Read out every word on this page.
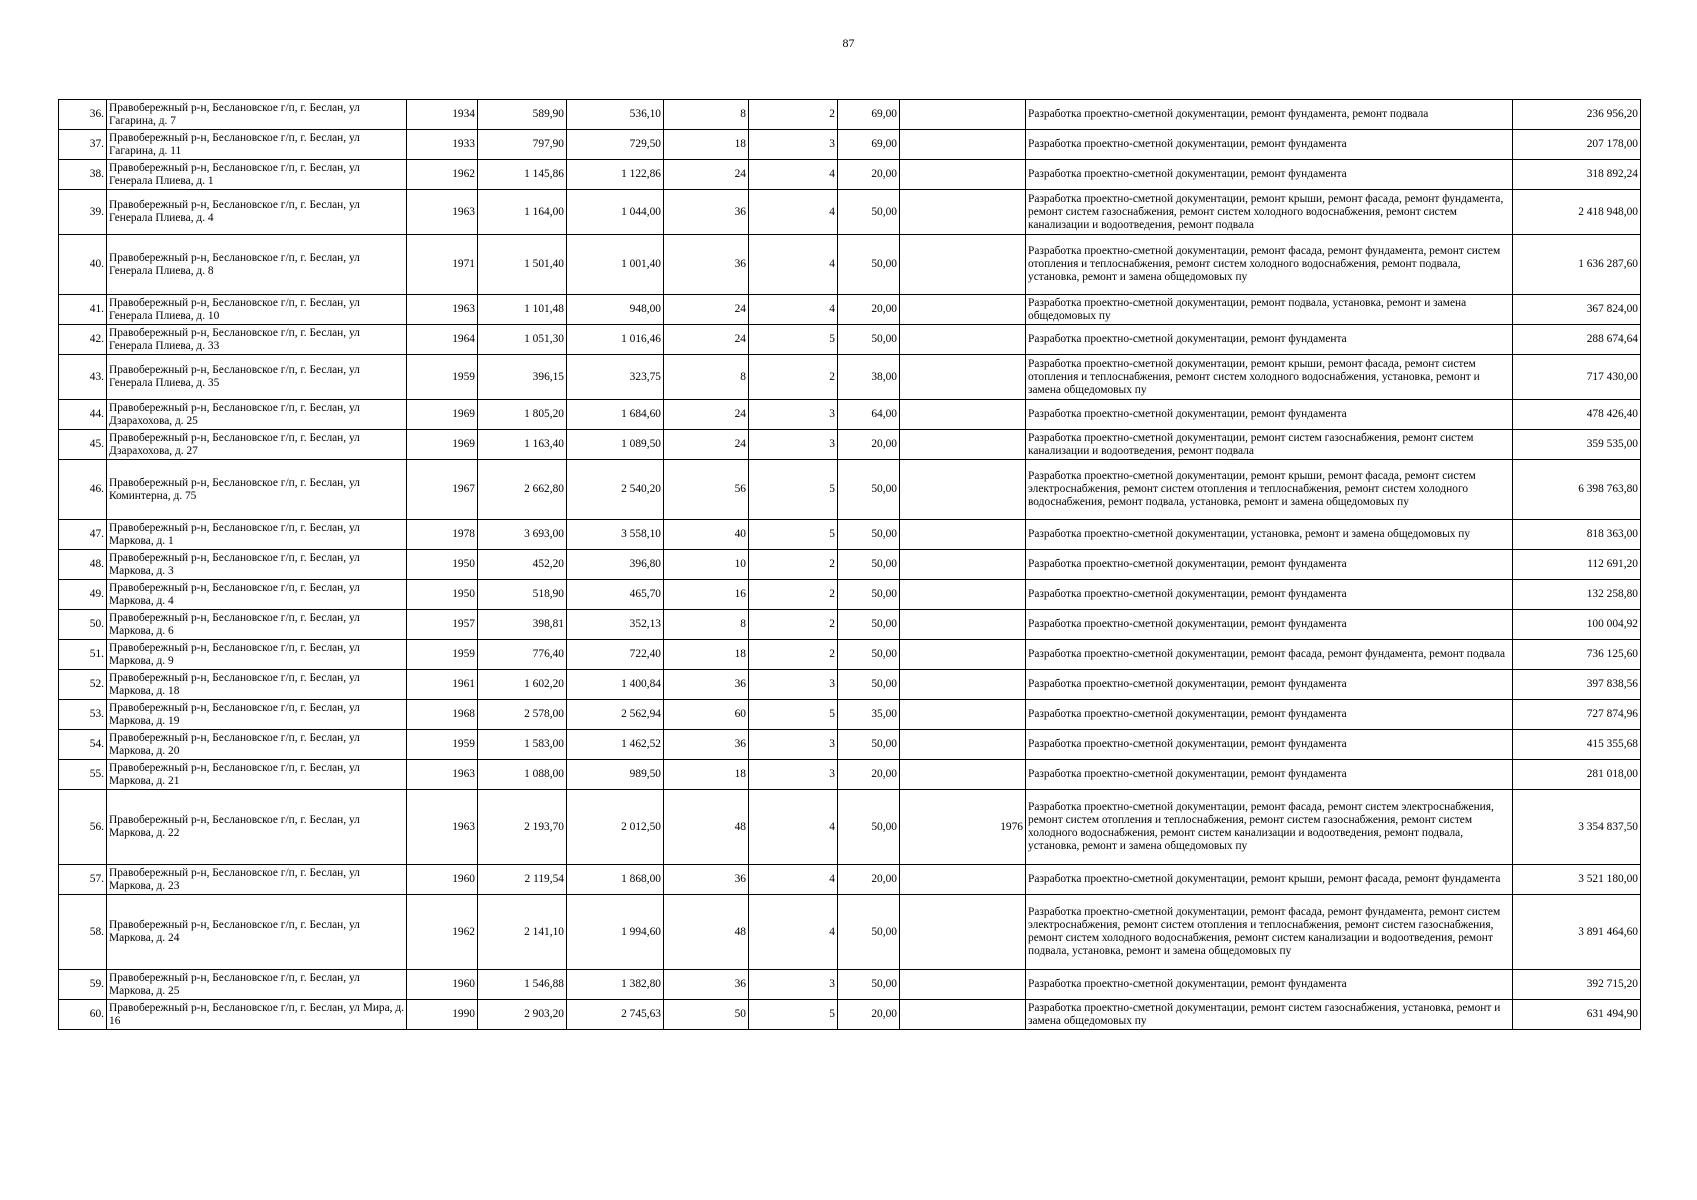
87
36.	Правобережный р-н, Беслановское г/п, г. Беслан, ул Гагарина, д. 7	1934	589,90	536,10	8	2	69,00		Разработка проектно-сметной документации, ремонт фундамента, ремонт подвала	236 956,20
37.	Правобережный р-н, Беслановское г/п, г. Беслан, ул Гагарина, д. 11	1933	797,90	729,50	18	3	69,00		Разработка проектно-сметной документации, ремонт фундамента	207 178,00
38.	Правобережный р-н, Беслановское г/п, г. Беслан, ул Генерала Плиева, д. 1	1962	1 145,86	1 122,86	24	4	20,00		Разработка проектно-сметной документации, ремонт фундамента	318 892,24
39.	Правобережный р-н, Беслановское г/п, г. Беслан, ул Генерала Плиева, д. 4	1963	1 164,00	1 044,00	36	4	50,00		Разработка проектно-сметной документации, ремонт крыши, ремонт фасада, ремонт фундамента, ремонт систем газоснабжения, ремонт систем холодного водоснабжения, ремонт систем канализации и водоотведения, ремонт подвала	2 418 948,00
40.	Правобережный р-н, Беслановское г/п, г. Беслан, ул Генерала Плиева, д. 8	1971	1 501,40	1 001,40	36	4	50,00		Разработка проектно-сметной документации, ремонт фасада, ремонт фундамента, ремонт систем отопления и теплоснабжения, ремонт систем холодного водоснабжения, ремонт подвала, установка, ремонт и замена общедомовых пу	1 636 287,60
41.	Правобережный р-н, Беслановское г/п, г. Беслан, ул Генерала Плиева, д. 10	1963	1 101,48	948,00	24	4	20,00		Разработка проектно-сметной документации, ремонт подвала, установка, ремонт и замена общедомовых пу	367 824,00
42.	Правобережный р-н, Беслановское г/п, г. Беслан, ул Генерала Плиева, д. 33	1964	1 051,30	1 016,46	24	5	50,00		Разработка проектно-сметной документации, ремонт фундамента	288 674,64
43.	Правобережный р-н, Беслановское г/п, г. Беслан, ул Генерала Плиева, д. 35	1959	396,15	323,75	8	2	38,00		Разработка проектно-сметной документации, ремонт крыши, ремонт фасада, ремонт систем отопления и теплоснабжения, ремонт систем холодного водоснабжения, установка, ремонт и замена общедомовых пу	717 430,00
44.	Правобережный р-н, Беслановское г/п, г. Беслан, ул Дзарахохова, д. 25	1969	1 805,20	1 684,60	24	3	64,00		Разработка проектно-сметной документации, ремонт фундамента	478 426,40
45.	Правобережный р-н, Беслановское г/п, г. Беслан, ул Дзарахохова, д. 27	1969	1 163,40	1 089,50	24	3	20,00		Разработка проектно-сметной документации, ремонт систем газоснабжения, ремонт систем канализации и водоотведения, ремонт подвала	359 535,00
46.	Правобережный р-н, Беслановское г/п, г. Беслан, ул Коминтерна, д. 75	1967	2 662,80	2 540,20	56	5	50,00		Разработка проектно-сметной документации, ремонт крыши, ремонт фасада, ремонт систем электроснабжения, ремонт систем отопления и теплоснабжения, ремонт систем холодного водоснабжения, ремонт подвала, установка, ремонт и замена общедомовых пу	6 398 763,80
47.	Правобережный р-н, Беслановское г/п, г. Беслан, ул Маркова, д. 1	1978	3 693,00	3 558,10	40	5	50,00		Разработка проектно-сметной документации, установка, ремонт и замена общедомовых пу	818 363,00
48.	Правобережный р-н, Беслановское г/п, г. Беслан, ул Маркова, д. 3	1950	452,20	396,80	10	2	50,00		Разработка проектно-сметной документации, ремонт фундамента	112 691,20
49.	Правобережный р-н, Беслановское г/п, г. Беслан, ул Маркова, д. 4	1950	518,90	465,70	16	2	50,00		Разработка проектно-сметной документации, ремонт фундамента	132 258,80
50.	Правобережный р-н, Беслановское г/п, г. Беслан, ул Маркова, д. 6	1957	398,81	352,13	8	2	50,00		Разработка проектно-сметной документации, ремонт фундамента	100 004,92
51.	Правобережный р-н, Беслановское г/п, г. Беслан, ул Маркова, д. 9	1959	776,40	722,40	18	2	50,00		Разработка проектно-сметной документации, ремонт фасада, ремонт фундамента, ремонт подвала	736 125,60
52.	Правобережный р-н, Беслановское г/п, г. Беслан, ул Маркова, д. 18	1961	1 602,20	1 400,84	36	3	50,00		Разработка проектно-сметной документации, ремонт фундамента	397 838,56
53.	Правобережный р-н, Беслановское г/п, г. Беслан, ул Маркова, д. 19	1968	2 578,00	2 562,94	60	5	35,00		Разработка проектно-сметной документации, ремонт фундамента	727 874,96
54.	Правобережный р-н, Беслановское г/п, г. Беслан, ул Маркова, д. 20	1959	1 583,00	1 462,52	36	3	50,00		Разработка проектно-сметной документации, ремонт фундамента	415 355,68
55.	Правобережный р-н, Беслановское г/п, г. Беслан, ул Маркова, д. 21	1963	1 088,00	989,50	18	3	20,00		Разработка проектно-сметной документации, ремонт фундамента	281 018,00
56.	Правобережный р-н, Беслановское г/п, г. Беслан, ул Маркова, д. 22	1963	2 193,70	2 012,50	48	4	50,00	1976	Разработка проектно-сметной документации, ремонт фасада, ремонт систем электроснабжения, ремонт систем отопления и теплоснабжения, ремонт систем газоснабжения, ремонт систем холодного водоснабжения, ремонт систем канализации и водоотведения, ремонт подвала, установка, ремонт и замена общедомовых пу	3 354 837,50
57.	Правобережный р-н, Беслановское г/п, г. Беслан, ул Маркова, д. 23	1960	2 119,54	1 868,00	36	4	20,00		Разработка проектно-сметной документации, ремонт крыши, ремонт фасада, ремонт фундамента	3 521 180,00
58.	Правобережный р-н, Беслановское г/п, г. Беслан, ул Маркова, д. 24	1962	2 141,10	1 994,60	48	4	50,00		Разработка проектно-сметной документации, ремонт фасада, ремонт фундамента, ремонт систем электроснабжения, ремонт систем отопления и теплоснабжения, ремонт систем газоснабжения, ремонт систем холодного водоснабжения, ремонт систем канализации и водоотведения, ремонт подвала, установка, ремонт и замена общедомовых пу	3 891 464,60
59.	Правобережный р-н, Беслановское г/п, г. Беслан, ул Маркова, д. 25	1960	1 546,88	1 382,80	36	3	50,00		Разработка проектно-сметной документации, ремонт фундамента	392 715,20
60.	Правобережный р-н, Беслановское г/п, г. Беслан, ул Мира, д. 16	1990	2 903,20	2 745,63	50	5	20,00		Разработка проектно-сметной документации, ремонт систем газоснабжения, установка, ремонт и замена общедомовых пу	631 494,90
